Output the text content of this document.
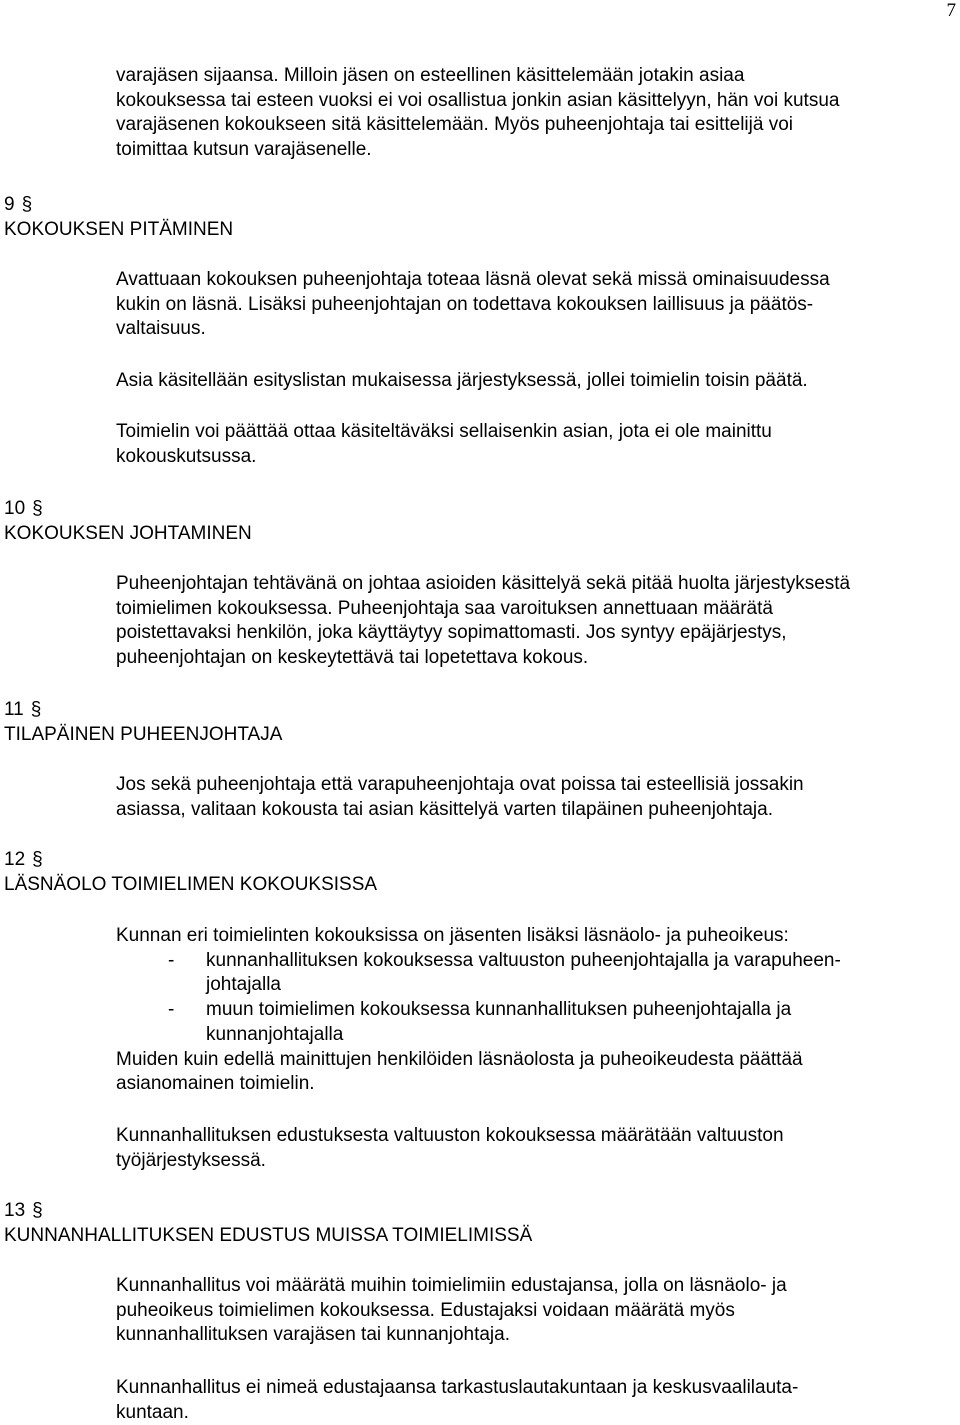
7

varajäsen sijaansa. Milloin jäsen on esteellinen käsittelemään jotakin asiaa
kokouksessa tai esteen vuoksi ei voi osallistua jonkin asian käsittelyyn, hän voi kutsua
varajäsenen kokoukseen sitä käsittelemään. Myös puheenjohtaja tai esittelijä voi
toimittaa kutsun varajäsenelle.

9 §
KOKOUKSEN PITÄMINEN

Avattuaan kokouksen puheenjohtaja toteaa läsnä olevat sekä missä ominaisuudessa
kukin on läsnä. Lisäksi puheenjohtajan on todettava kokouksen laillisuus ja päätös-
valtaisuus.

Asia käsitellään esityslistan mukaisessa järjestyksessä, jollei toimielin toisin päätä.

Toimielin voi päättää ottaa käsiteltäväksi sellaisenkin asian, jota ei ole mainittu
kokouskutsussa.

10 §
KOKOUKSEN JOHTAMINEN

Puheenjohtajan tehtävänä on johtaa asioiden käsittelyä sekä pitää huolta järjestyksestä
toimielimen kokouksessa. Puheenjohtaja saa varoituksen annettuaan määrätä
poistettavaksi henkilön, joka käyttäytyy sopimattomasti. Jos syntyy epäjärjestys,
puheenjohtajan on keskeytettävä tai lopetettava kokous.

11 §
TILAPÄINEN PUHEENJOHTAJA

Jos sekä puheenjohtaja että varapuheenjohtaja ovat poissa tai esteellisiä jossakin
asiassa, valitaan kokousta tai asian käsittelyä varten tilapäinen puheenjohtaja.

12 §
LÄSNÄOLO TOIMIELIMEN KOKOUKSISSA
Kunnan eri toimielinten kokouksissa on jäsenten lisäksi läsnäolo- ja puheoikeus:
- kunnanhallituksen kokouksessa valtuuston puheenjohtajalla ja varapuheen-
johtajalla
- muun toimielimen kokouksessa kunnanhallituksen puheenjohtajalla ja
kunnanjohtajalla
Muiden kuin edellä mainittujen henkilöiden läsnäolosta ja puheoikeudesta päättää
asianomainen toimielin.

Kunnanhallituksen edustuksesta valtuuston kokouksessa määrätään valtuuston
työjärjestyksessä.

13 §
KUNNANHALLITUKSEN EDUSTUS MUISSA TOIMIELIMISSÄ

Kunnanhallitus voi määrätä muihin toimielimiin edustajansa, jolla on läsnäolo- ja
puheoikeus toimielimen kokouksessa. Edustajaksi voidaan määrätä myös
kunnanhallituksen varajäsen tai kunnanjohtaja.

Kunnanhallitus ei nimeä edustajaansa tarkastuslautakuntaan ja keskusvaalilauta-
kuntaan.
